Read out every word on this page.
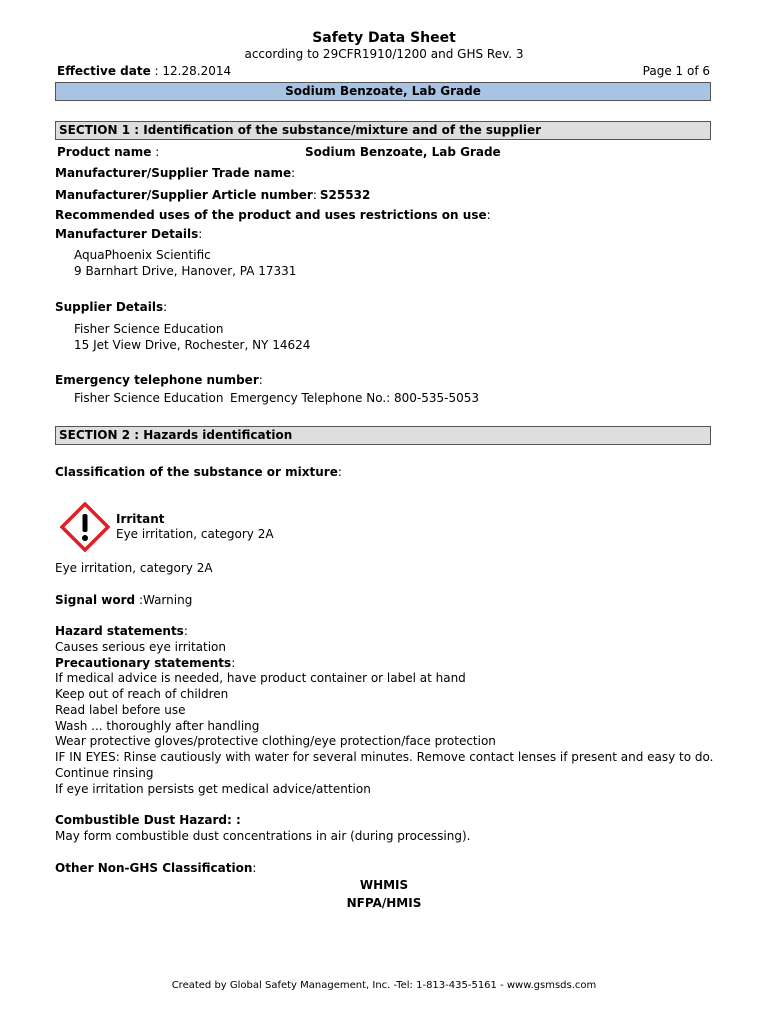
Safety Data Sheet
according to 29CFR1910/1200 and GHS Rev. 3
Effective date : 12.28.2014	Page 1 of 6
Sodium Benzoate, Lab Grade
SECTION 1 : Identification of the substance/mixture and of the supplier
Product name :	Sodium Benzoate, Lab Grade
Manufacturer/Supplier Trade name:
Manufacturer/Supplier Article number: S25532
Recommended uses of the product and uses restrictions on use:
Manufacturer Details:
AquaPhoenix Scientific
9 Barnhart Drive, Hanover, PA 17331
Supplier Details:
Fisher Science Education
15 Jet View Drive, Rochester, NY 14624
Emergency telephone number:
Fisher Science Education Emergency Telephone No.: 800-535-5053
SECTION 2 : Hazards identification
Classification of the substance or mixture:
Irritant
Eye irritation, category 2A
Eye irritation, category 2A
Signal word :Warning
Hazard statements:
Causes serious eye irritation
Precautionary statements:
If medical advice is needed, have product container or label at hand
Keep out of reach of children
Read label before use
Wash ... thoroughly after handling
Wear protective gloves/protective clothing/eye protection/face protection
IF IN EYES: Rinse cautiously with water for several minutes. Remove contact lenses if present and easy to do.
Continue rinsing
If eye irritation persists get medical advice/attention
Combustible Dust Hazard: :
May form combustible dust concentrations in air (during processing).
Other Non-GHS Classification:
WHMIS
NFPA/HMIS
Created by Global Safety Management, Inc. -Tel: 1-813-435-5161 - www.gsmsds.com
